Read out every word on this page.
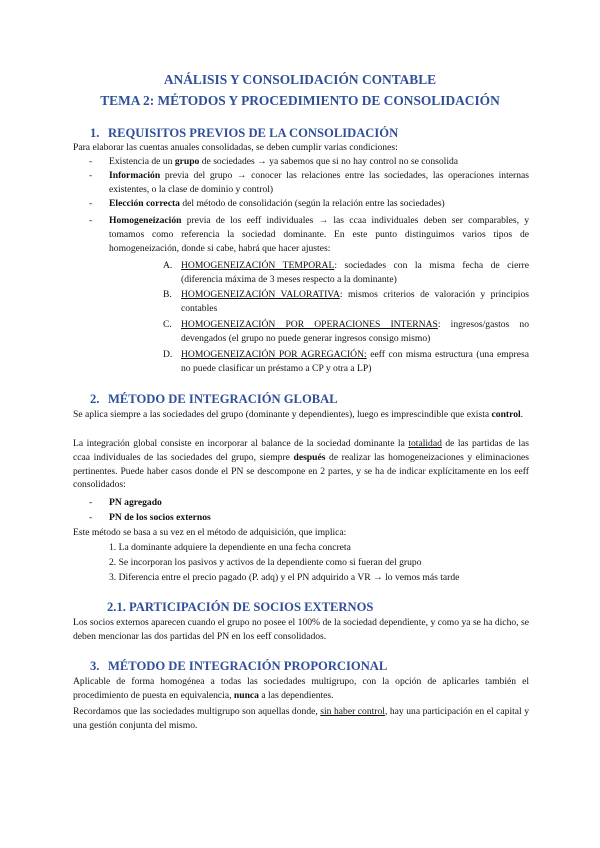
ANÁLISIS Y CONSOLIDACIÓN CONTABLE
TEMA 2: MÉTODOS Y PROCEDIMIENTO DE CONSOLIDACIÓN
1. REQUISITOS PREVIOS DE LA CONSOLIDACIÓN
Para elaborar las cuentas anuales consolidadas, se deben cumplir varias condiciones:
- Existencia de un grupo de sociedades → ya sabemos que si no hay control no se consolida
- Información previa del grupo → conocer las relaciones entre las sociedades, las operaciones internas existentes, o la clase de dominio y control)
- Elección correcta del método de consolidación (según la relación entre las sociedades)
- Homogeneización previa de los eeff individuales → las ccaa individuales deben ser comparables, y tomamos como referencia la sociedad dominante. En este punto distinguimos varios tipos de homogeneización, donde si cabe, habrá que hacer ajustes:
A. HOMOGENEIZACIÓN TEMPORAL: sociedades con la misma fecha de cierre (diferencia máxima de 3 meses respecto a la dominante)
B. HOMOGENEIZACIÓN VALORATIVA: mismos criterios de valoración y principios contables
C. HOMOGENEIZACIÓN POR OPERACIONES INTERNAS: ingresos/gastos no devengados (el grupo no puede generar ingresos consigo mismo)
D. HOMOGENEIZACIÓN POR AGREGACIÓN: eeff con misma estructura (una empresa no puede clasificar un préstamo a CP y otra a LP)
2. MÉTODO DE INTEGRACIÓN GLOBAL
Se aplica siempre a las sociedades del grupo (dominante y dependientes), luego es imprescindible que exista control.
La integración global consiste en incorporar al balance de la sociedad dominante la totalidad de las partidas de las ccaa individuales de las sociedades del grupo, siempre después de realizar las homogeneizaciones y eliminaciones pertinentes. Puede haber casos donde el PN se descompone en 2 partes, y se ha de indicar explícitamente en los eeff consolidados:
- PN agregado
- PN de los socios externos
Este método se basa a su vez en el método de adquisición, que implica:
1. La dominante adquiere la dependiente en una fecha concreta
2. Se incorporan los pasivos y activos de la dependiente como si fueran del grupo
3. Diferencia entre el precio pagado (P. adq) y el PN adquirido a VR → lo vemos más tarde
2.1. PARTICIPACIÓN DE SOCIOS EXTERNOS
Los socios externos aparecen cuando el grupo no posee el 100% de la sociedad dependiente, y como ya se ha dicho, se deben mencionar las dos partidas del PN en los eeff consolidados.
3. MÉTODO DE INTEGRACIÓN PROPORCIONAL
Aplicable de forma homogénea a todas las sociedades multigrupo, con la opción de aplicarles también el procedimiento de puesta en equivalencia, nunca a las dependientes.
Recordamos que las sociedades multigrupo son aquellas donde, sin haber control, hay una participación en el capital y una gestión conjunta del mismo.
